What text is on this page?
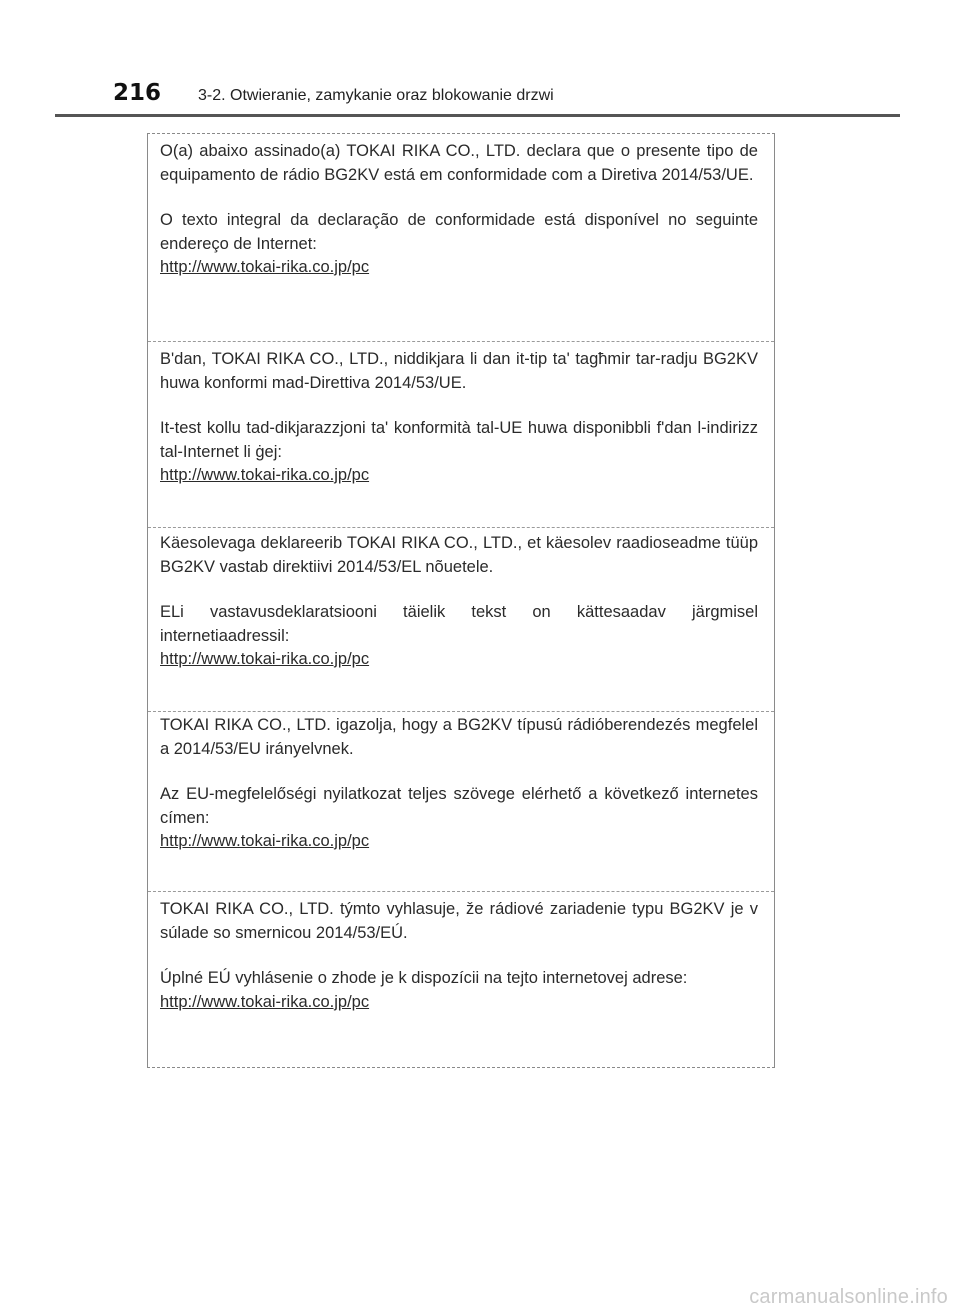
216 3-2. Otwieranie, zamykanie oraz blokowanie drzwi

O(a) abaixo assinado(a) TOKAI RIKA CO., LTD. declara que o presente tipo de equipamento de rádio BG2KV está em conformidade com a Diretiva 2014/53/UE.

O texto integral da declaração de conformidade está disponível no seguinte endereço de Internet:

http://www.tokai-rika.co.jp/pc

B'dan, TOKAI RIKA CO., LTD., niddikjara li dan it-tip ta' tagħmir tar-radju BG2KV huwa konformi mad-Direttiva 2014/53/UE.

It-test kollu tad-dikjarazzjoni ta' konformità tal-UE huwa disponibbli f'dan l-indirizz tal-Internet li ġej:

http://www.tokai-rika.co.jp/pc

Käesolevaga deklareerib TOKAI RIKA CO., LTD., et käesolev raadioseadme tüüp BG2KV vastab direktiivi 2014/53/EL nõuetele.

ELi vastavusdeklaratsiooni täielik tekst on kättesaadav järgmisel internetiaadressil:

http://www.tokai-rika.co.jp/pc

TOKAI RIKA CO., LTD. igazolja, hogy a BG2KV típusú rádióberendezés megfelel a 2014/53/EU irányelvnek.

Az EU-megfelelőségi nyilatkozat teljes szövege elérhető a következő internetes címen:

http://www.tokai-rika.co.jp/pc

TOKAI RIKA CO., LTD. týmto vyhlasuje, že rádiové zariadenie typu BG2KV je v súlade so smernicou 2014/53/EÚ.

Úplné EÚ vyhlásenie o zhode je k dispozícii na tejto internetovej adrese:

http://www.tokai-rika.co.jp/pc
carmanualsonline.info
